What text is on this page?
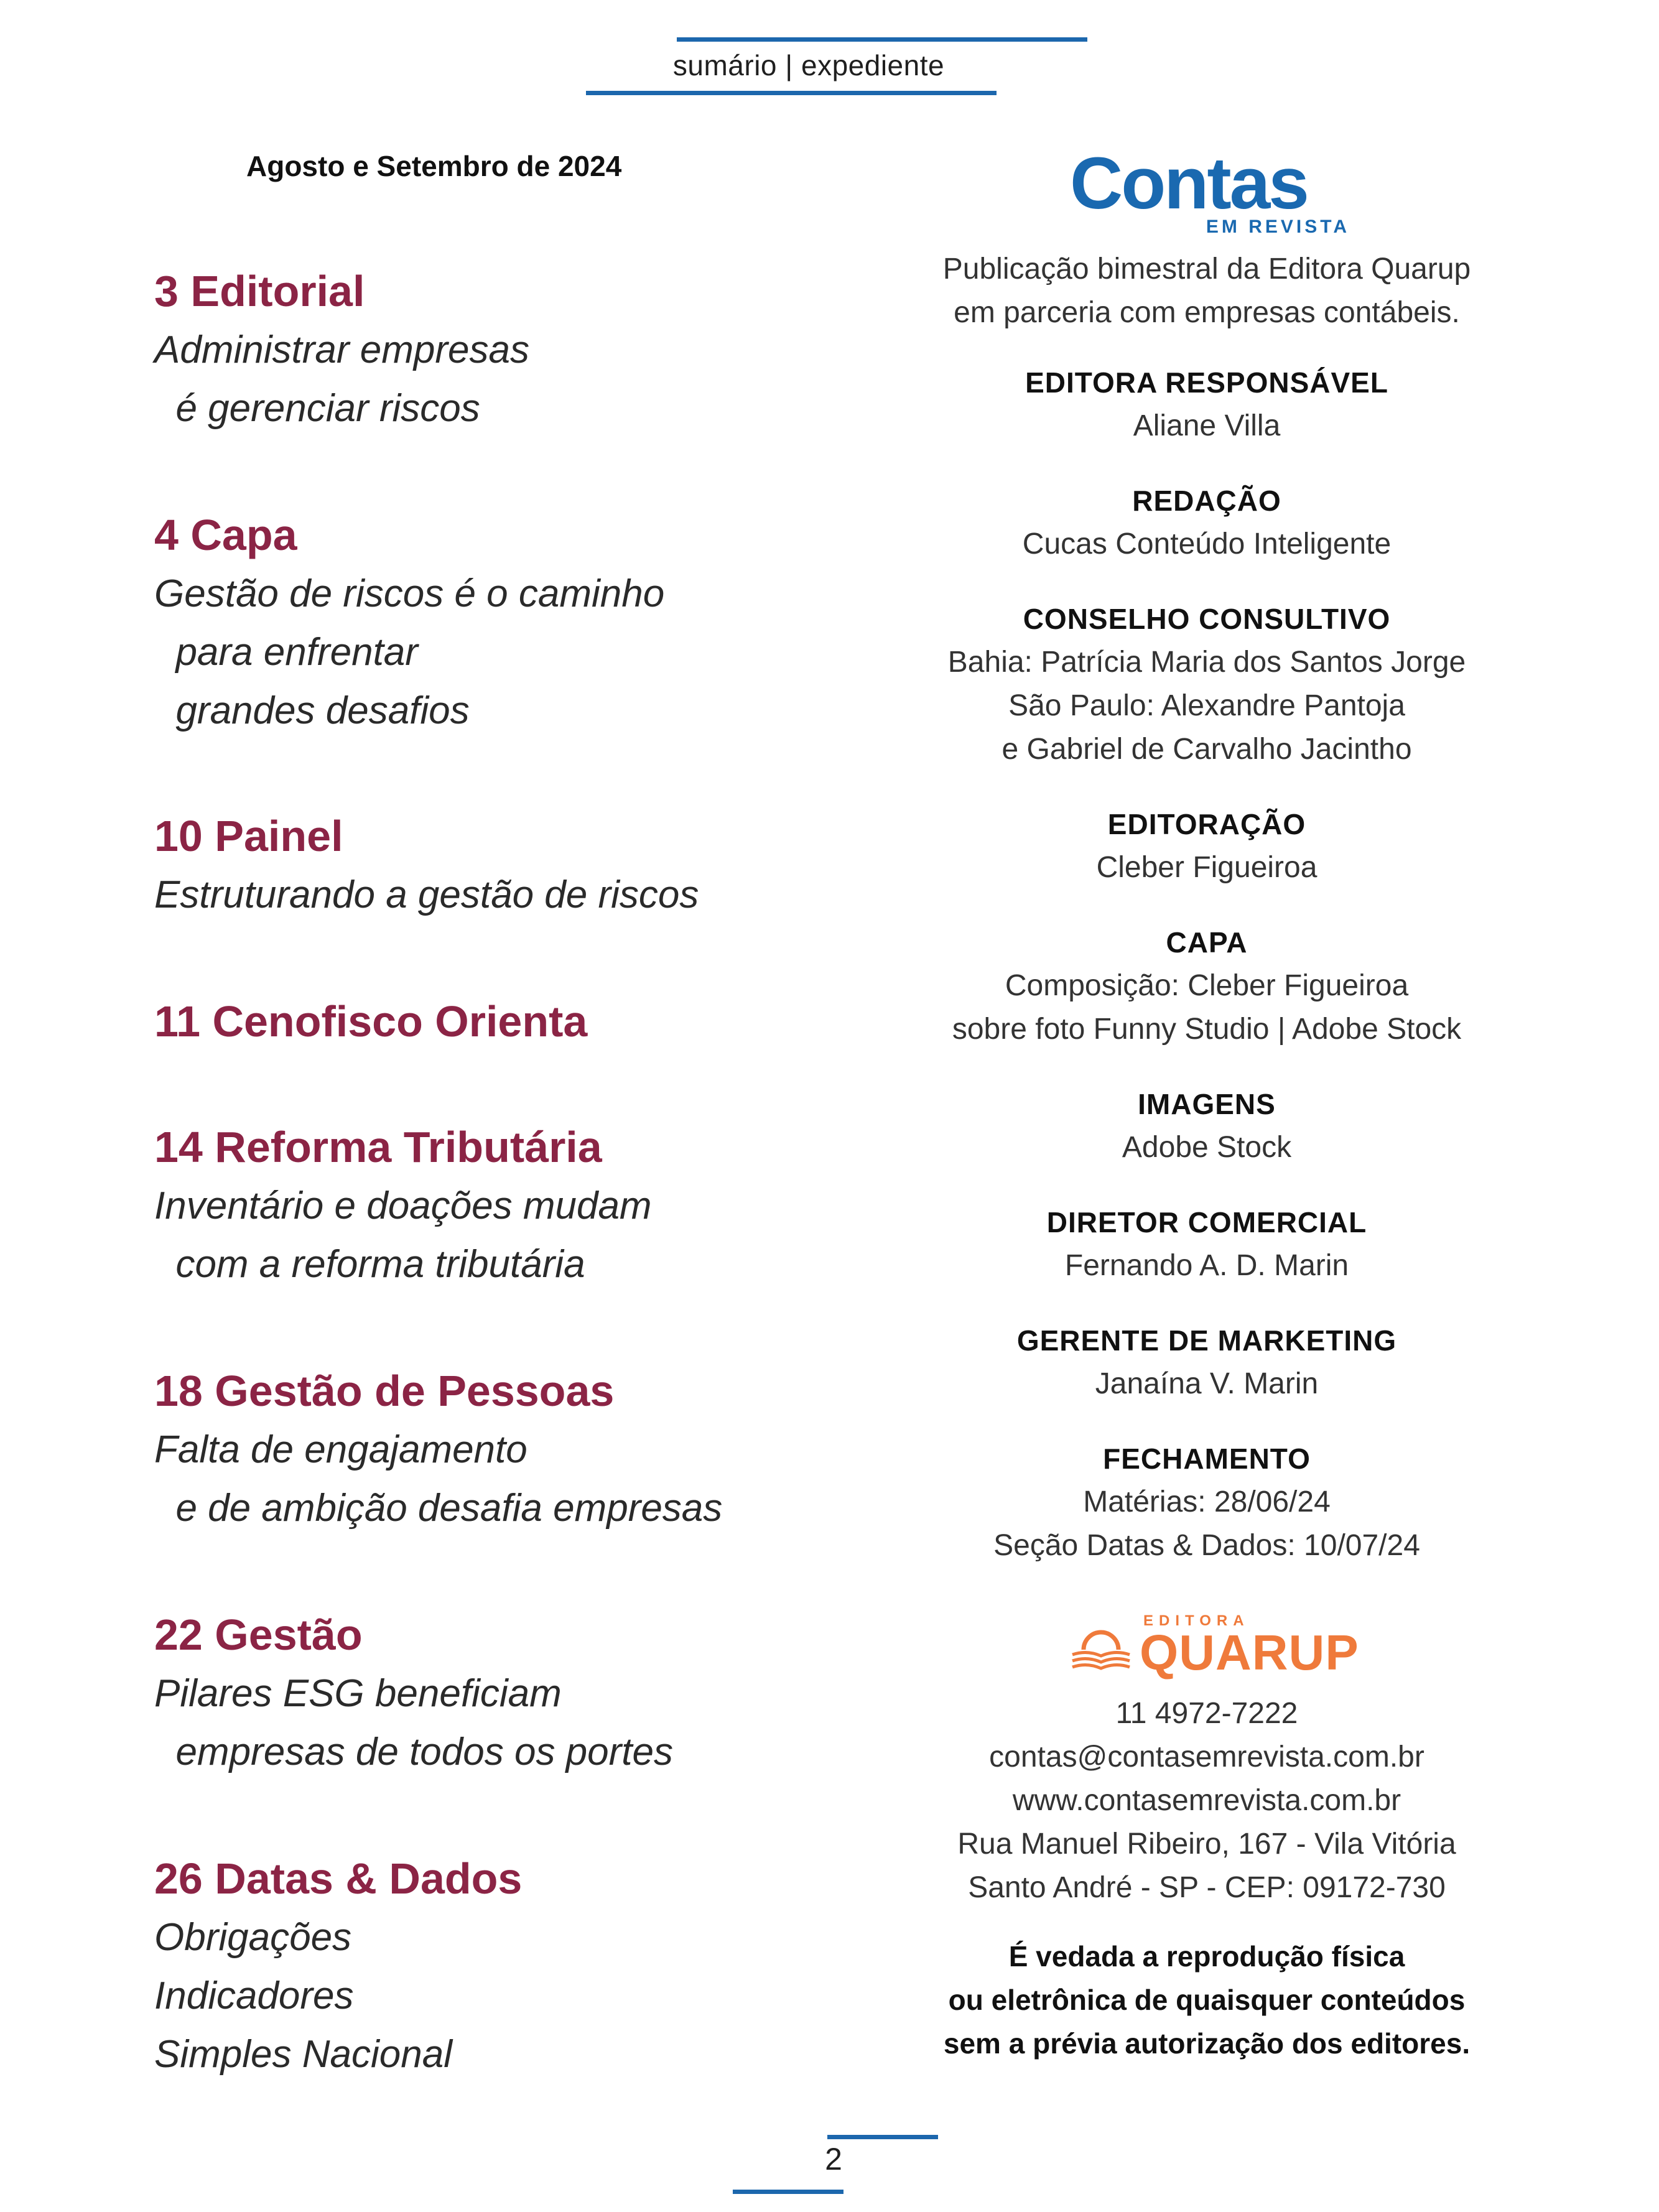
sumário | expediente
Agosto e Setembro de 2024

3 Editorial

Administrar empresas

é gerenciar riscos

4 Capa

Gestão de riscos é o caminho

para enfrentar

grandes desafios

10 Painel

Estruturando a gestão de riscos

11 Cenofisco Orienta

14 Reforma Tributária

Inventário e doações mudam

com a reforma tributária

18 Gestão de Pessoas

Falta de engajamento

e de ambição desafia empresas

22 Gestão

Pilares ESG beneficiam

empresas de todos os portes

26 Datas & Dados

Obrigações

Indicadores

Simples Nacional

Contas
EM REVISTA

Publicação bimestral da Editora Quarup
em parceria com empresas contábeis.

EDITORA RESPONSÁVEL

Aliane Villa

REDAÇÃO

Cucas Conteúdo Inteligente

CONSELHO CONSULTIVO

Bahia: Patrícia Maria dos Santos Jorge

São Paulo: Alexandre Pantoja

e Gabriel de Carvalho Jacintho

EDITORAÇÃO

Cleber Figueiroa

CAPA

Composição: Cleber Figueiroa

sobre foto Funny Studio | Adobe Stock

IMAGENS

Adobe Stock

DIRETOR COMERCIAL

Fernando A. D. Marin

GERENTE DE MARKETING

Janaína V. Marin

FECHAMENTO

Matérias: 28/06/24

Seção Datas & Dados: 10/07/24

EDITORA
QUARUP

11 4972-7222

contas@contasemrevista.com.br

www.contasemrevista.com.br

Rua Manuel Ribeiro, 167 - Vila Vitória

Santo André - SP - CEP: 09172-730

É vedada a reprodução física

ou eletrônica de quaisquer conteúdos

sem a prévia autorização dos editores.

2
